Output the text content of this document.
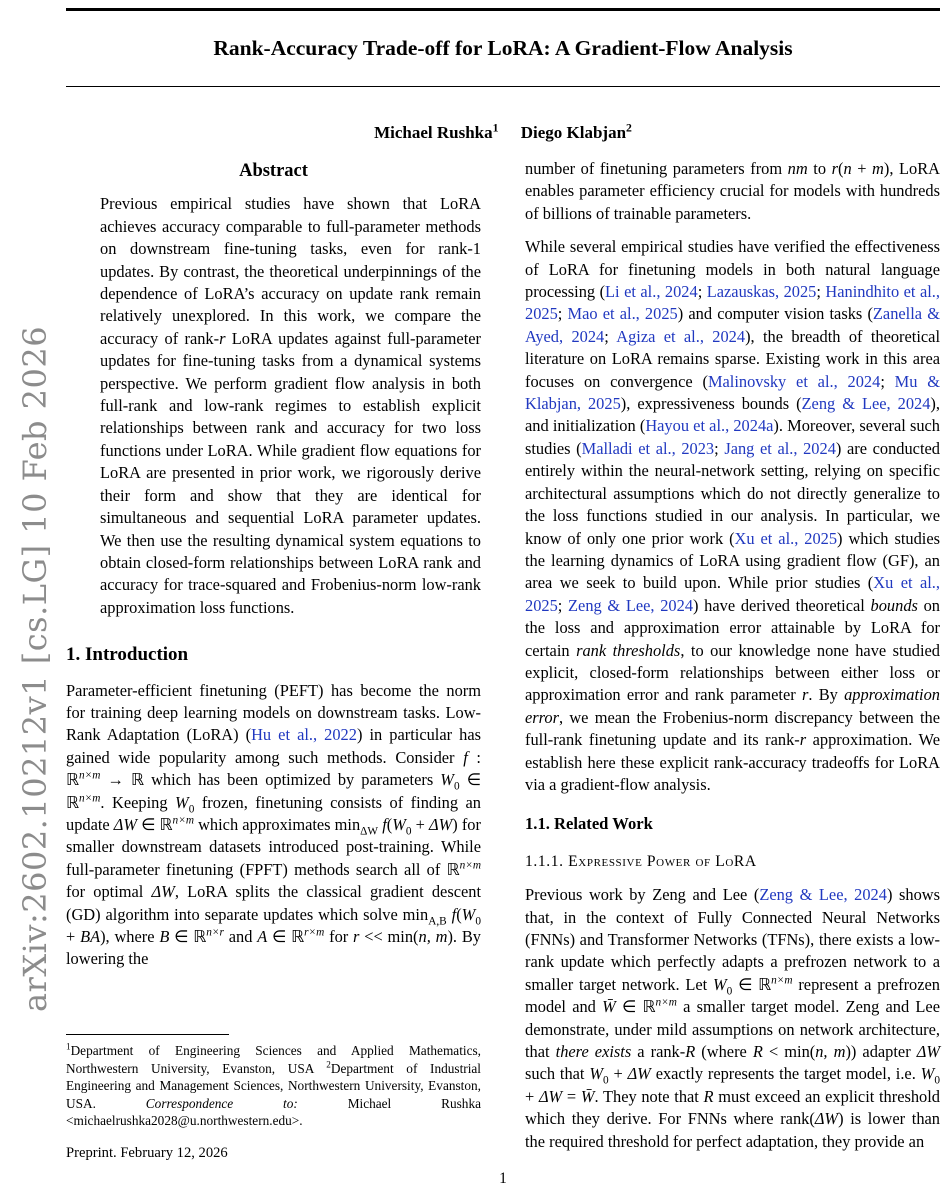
arXiv:2602.10212v1 [cs.LG] 10 Feb 2026
Rank-Accuracy Trade-off for LoRA: A Gradient-Flow Analysis
Michael Rushka$^1$ Diego Klabjan$^2$
Abstract

Previous empirical studies have shown that LoRA achieves accuracy comparable to full-parameter methods on downstream fine-tuning tasks, even for rank-1 updates. By contrast, the theoretical underpinnings of the dependence of LoRA’s accuracy on update rank remain relatively unexplored. In this work, we compare the accuracy of rank-r LoRA updates against full-parameter updates for fine-tuning tasks from a dynamical systems perspective. We perform gradient flow analysis in both full-rank and low-rank regimes to establish explicit relationships between rank and accuracy for two loss functions under LoRA. While gradient flow equations for LoRA are presented in prior work, we rigorously derive their form and show that they are identical for simultaneous and sequential LoRA parameter updates. We then use the resulting dynamical system equations to obtain closed-form relationships between LoRA rank and accuracy for trace-squared and Frobenius-norm low-rank approximation loss functions.

1. Introduction

Parameter-efficient finetuning (PEFT) has become the norm for training deep learning models on downstream tasks. Low-Rank Adaptation (LoRA) (Hu et al., 2022) in particular has gained wide popularity among such methods. Consider f : ℝ$^{n\times m}$ → ℝ which has been optimized by parameters $W_0$ ∈ ℝ$^{n\times m}$. Keeping $W_0$ frozen, finetuning consists of finding an update ΔW ∈ ℝ$^{n\times m}$ which approximates $\min_{\Delta W} f(W_0 + \Delta W)$ for smaller downstream datasets introduced post-training. While full-parameter finetuning (FPFT) methods search all of ℝ$^{n\times m}$ for optimal ΔW, LoRA splits the classical gradient descent (GD) algorithm into separate updates which solve $\min_{A,B} f(W_0 + BA)$, where B ∈ ℝ$^{n\times r}$ and A ∈ ℝ$^{r\times m}$ for r << min(n, m). By lowering the

number of finetuning parameters from nm to r(n + m), LoRA enables parameter efficiency crucial for models with hundreds of billions of trainable parameters.

While several empirical studies have verified the effectiveness of LoRA for finetuning models in both natural language processing (Li et al., 2024; Lazauskas, 2025; Hanindhito et al., 2025; Mao et al., 2025) and computer vision tasks (Zanella & Ayed, 2024; Agiza et al., 2024), the breadth of theoretical literature on LoRA remains sparse. Existing work in this area focuses on convergence (Malinovsky et al., 2024; Mu & Klabjan, 2025), expressiveness bounds (Zeng & Lee, 2024), and initialization (Hayou et al., 2024a). Moreover, several such studies (Malladi et al., 2023; Jang et al., 2024) are conducted entirely within the neural-network setting, relying on specific architectural assumptions which do not directly generalize to the loss functions studied in our analysis. In particular, we know of only one prior work (Xu et al., 2025) which studies the learning dynamics of LoRA using gradient flow (GF), an area we seek to build upon. While prior studies (Xu et al., 2025; Zeng & Lee, 2024) have derived theoretical bounds on the loss and approximation error attainable by LoRA for certain rank thresholds, to our knowledge none have studied explicit, closed-form relationships between either loss or approximation error and rank parameter r. By approximation error, we mean the Frobenius-norm discrepancy between the full-rank finetuning update and its rank-r approximation. We establish here these explicit rank-accuracy tradeoffs for LoRA via a gradient-flow analysis.

1.1. Related Work
1.1.1. Expressive Power of LoRA

Previous work by Zeng and Lee (Zeng & Lee, 2024) shows that, in the context of Fully Connected Neural Networks (FNNs) and Transformer Networks (TFNs), there exists a low-rank update which perfectly adapts a prefrozen network to a smaller target network. Let $W_0$ ∈ ℝ$^{n\times m}$ represent a prefrozen model and W̄ ∈ ℝ$^{n\times m}$ a smaller target model. Zeng and Lee demonstrate, under mild assumptions on network architecture, that there exists a rank-R (where R < min(n, m)) adapter ΔW such that $W_0 + \Delta W$ exactly represents the target model, i.e. $W_0 + \Delta W$ = W̄. They note that R must exceed an explicit threshold which they derive. For FNNs where rank(ΔW) is lower than the required threshold for perfect adaptation, they provide an

$^1$Department of Engineering Sciences and Applied Mathematics, Northwestern University, Evanston, USA $^2$Department of Industrial Engineering and Management Sciences, Northwestern University, Evanston, USA. Correspondence to: Michael Rushka <michaelrushka2028@u.northwestern.edu>.
Preprint. February 12, 2026
1
